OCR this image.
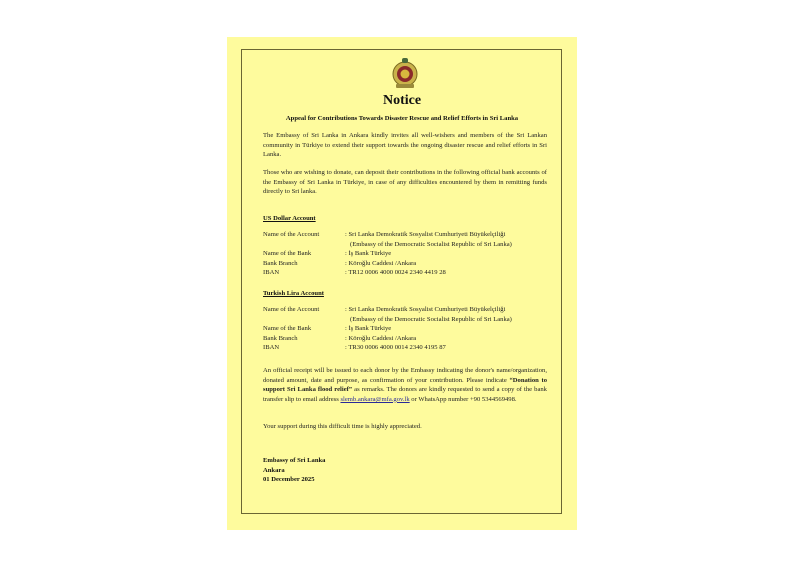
Notice
Appeal for Contributions Towards Disaster Rescue and Relief Efforts in Sri Lanka
The Embassy of Sri Lanka in Ankara kindly invites all well-wishers and members of the Sri Lankan community in Türkiye to extend their support towards the ongoing disaster rescue and relief efforts in Sri Lanka.
Those who are wishing to donate, can deposit their contributions in the following official bank accounts of the Embassy of Sri Lanka in Türkiye, in case of any difficulties encountered by them in remitting funds directly to Sri lanka.
US Dollar Account
Name of the Account	: Sri Lanka Demokratik Sosyalist Cumhuriyeti Büyükelçiliği
(Embassy of the Democratic Socialist Republic of Sri Lanka)
Name of the Bank	: İş Bank Türkiye
Bank Branch	: Köroğlu Caddesi /Ankara
IBAN	: TR12 0006 4000 0024 2340 4419 28
Turkish Lira Account
Name of the Account	: Sri Lanka Demokratik Sosyalist Cumhuriyeti Büyükelçiliği
(Embassy of the Democratic Socialist Republic of Sri Lanka)
Name of the Bank	: İş Bank Türkiye
Bank Branch	: Köroğlu Caddesi /Ankara
IBAN	: TR30 0006 4000 0014 2340 4195 87
An official receipt will be issued to each donor by the Embassy indicating the donor's name/organization, donated amount, date and purpose, as confirmation of your contribution. Please indicate “Donation to support Sri Lanka flood relief” as remarks. The donors are kindly requested to send a copy of the bank transfer slip to email address slemb.ankara@mfa.gov.lk or WhatsApp number +90 5344569498.
Your support during this difficult time is highly appreciated.
Embassy of Sri Lanka
Ankara
01 December 2025
